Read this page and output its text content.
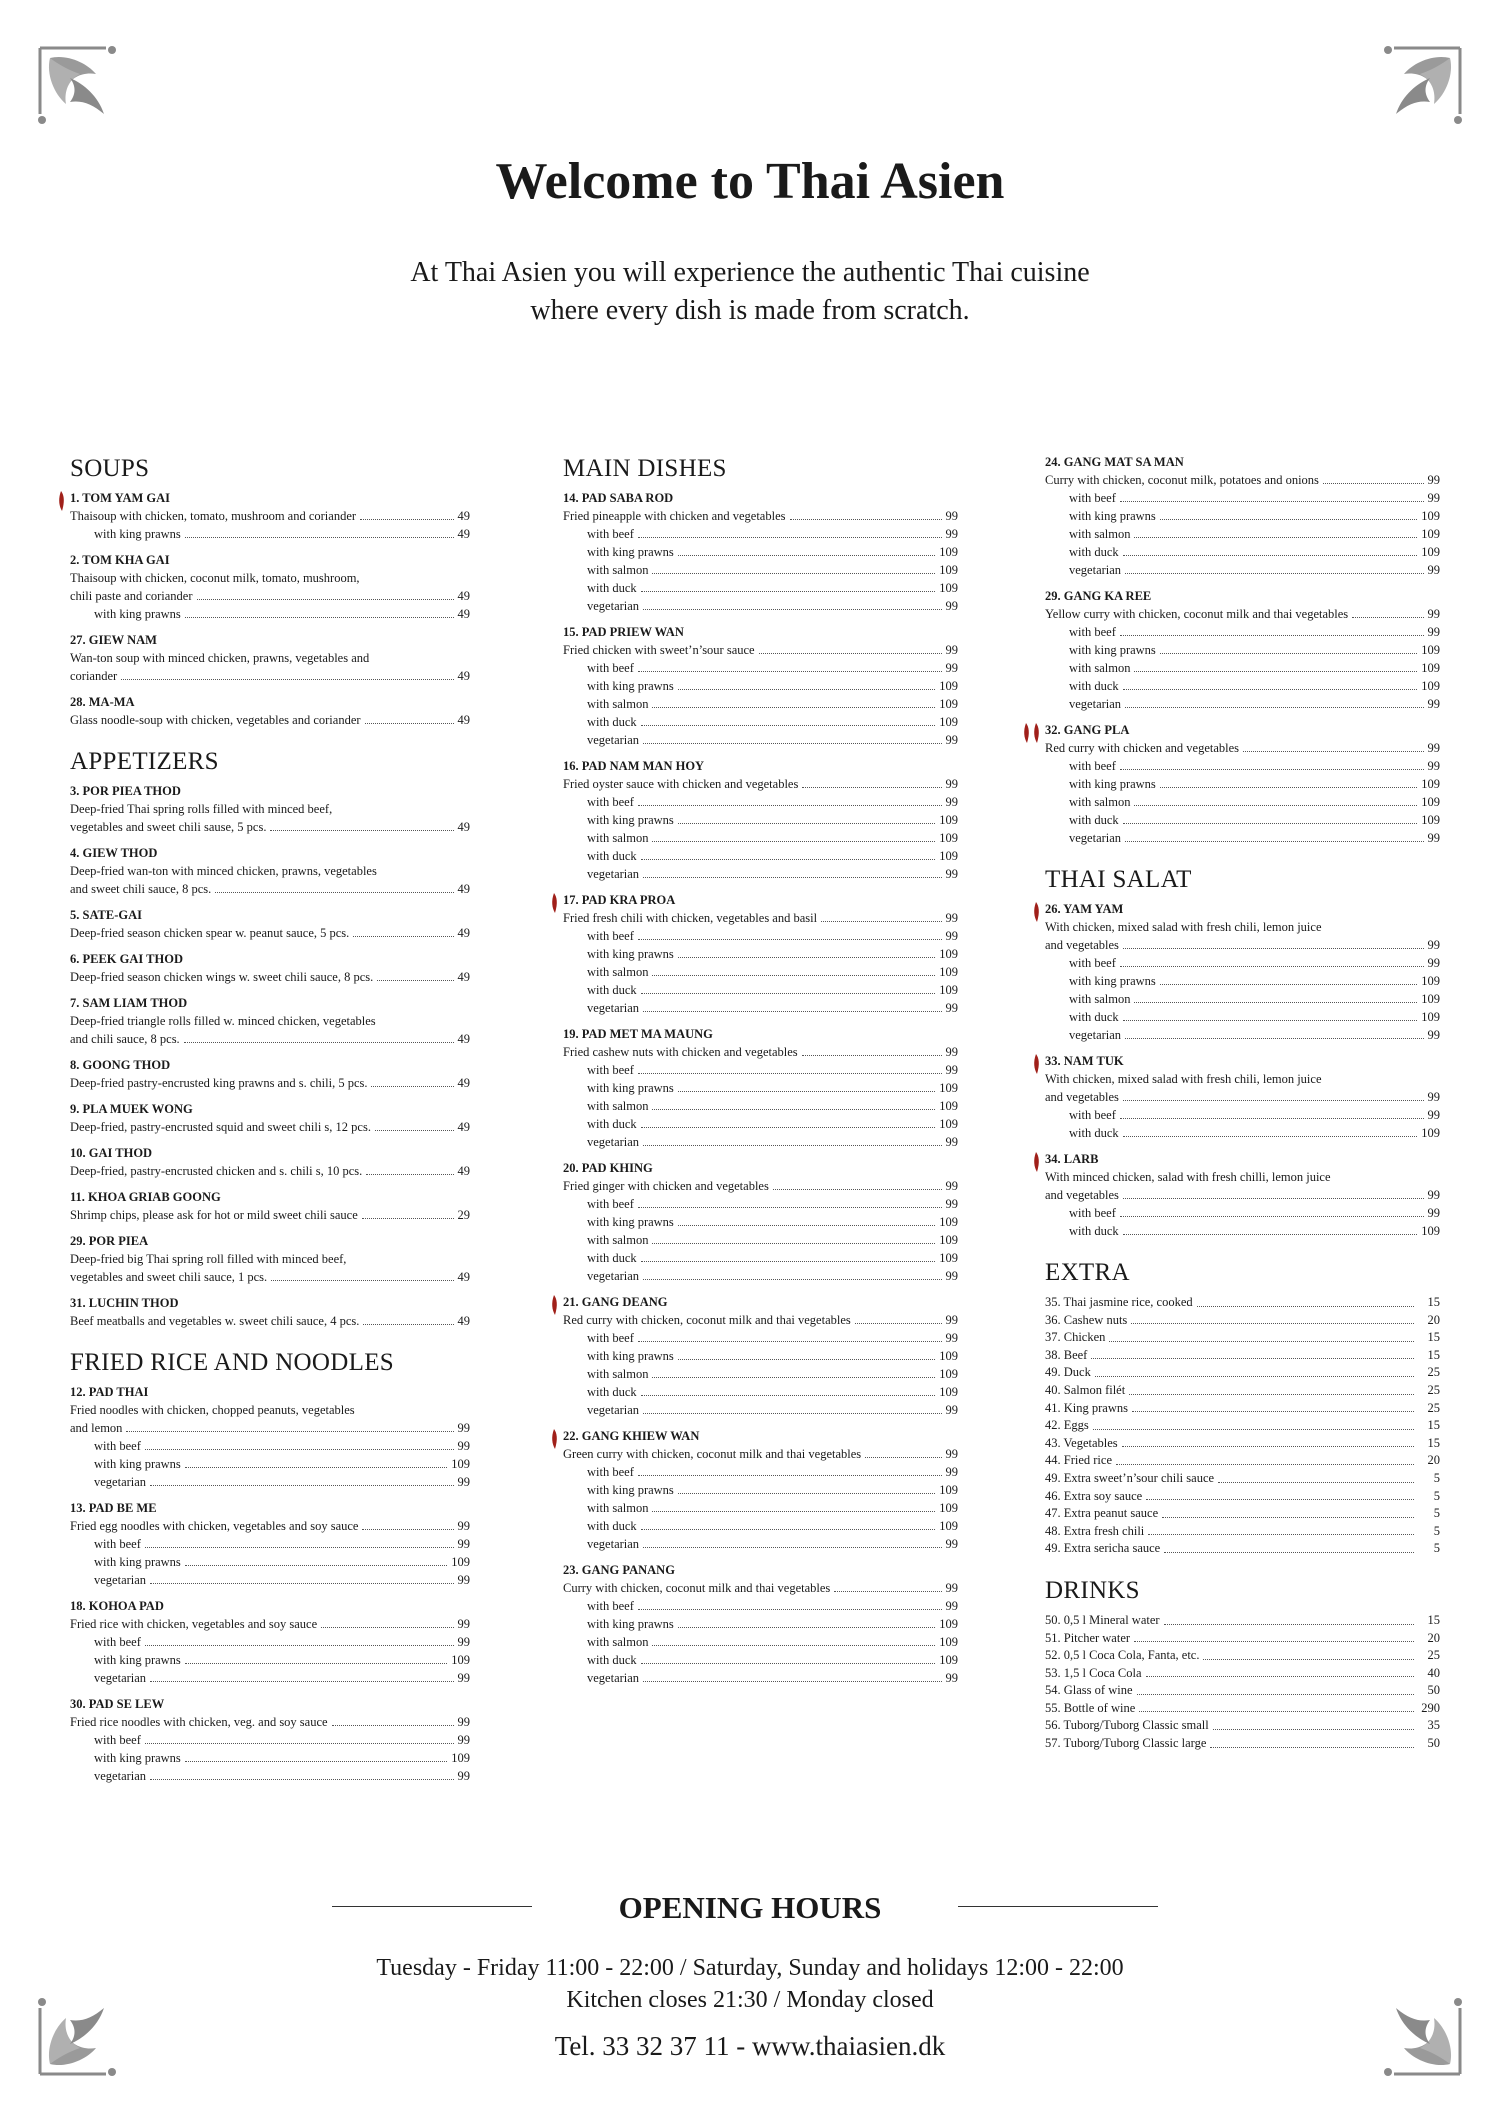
Welcome to Thai Asien
At Thai Asien you will experience the authentic Thai cuisine
where every dish is made from scratch.
SOUPS
1. TOM YAM GAI
Thaisoup with chicken, tomato, mushroom and coriander	49
with king prawns	49
2. TOM KHA GAI
Thaisoup with chicken, coconut milk, tomato, mushroom,
chili paste and coriander	49
with king prawns	49
27. GIEW NAM
Wan-ton soup with minced chicken, prawns, vegetables and
coriander	49
28. MA-MA
Glass noodle-soup with chicken, vegetables and coriander	49
APPETIZERS
3. POR PIEA THOD
Deep-fried Thai spring rolls filled with minced beef,
vegetables and sweet chili sause, 5 pcs.	49
4. GIEW THOD
Deep-fried wan-ton with minced chicken, prawns, vegetables
and sweet chili sauce, 8 pcs.	49
5. SATE-GAI
Deep-fried season chicken spear w. peanut sauce, 5 pcs.	49
6. PEEK GAI THOD
Deep-fried season chicken wings w. sweet chili sauce, 8 pcs.	49
7. SAM LIAM THOD
Deep-fried triangle rolls filled w. minced chicken, vegetables
and chili sauce, 8 pcs.	49
8. GOONG THOD
Deep-fried pastry-encrusted king prawns and s. chili, 5 pcs.	49
9. PLA MUEK WONG
Deep-fried, pastry-encrusted squid and sweet chili s, 12 pcs.	49
10. GAI THOD
Deep-fried, pastry-encrusted chicken and s. chili s, 10 pcs.	49
11. KHOA GRIAB GOONG
Shrimp chips, please ask for hot or mild sweet chili sauce	29
29. POR PIEA
Deep-fried big Thai spring roll filled with minced beef,
vegetables and sweet chili sauce, 1 pcs.	49
31. LUCHIN THOD
Beef meatballs and vegetables w. sweet chili sauce, 4 pcs.	49
FRIED RICE AND NOODLES
12. PAD THAI
Fried noodles with chicken, chopped peanuts, vegetables
and lemon	99
with beef	99
with king prawns	109
vegetarian	99
13. PAD BE ME
Fried egg noodles with chicken, vegetables and soy sauce	99
with beef	99
with king prawns	109
vegetarian	99
18. KOHOA PAD
Fried rice with chicken, vegetables and soy sauce	99
with beef	99
with king prawns	109
vegetarian	99
30. PAD SE LEW
Fried rice noodles with chicken, veg. and soy sauce	99
with beef	99
with king prawns	109
vegetarian	99
MAIN DISHES
14. PAD SABA ROD
Fried pineapple with chicken and vegetables	99
with beef	99
with king prawns	109
with salmon	109
with duck	109
vegetarian	99
15. PAD PRIEW WAN
Fried chicken with sweet’n’sour sauce	99
with beef	99
with king prawns	109
with salmon	109
with duck	109
vegetarian	99
16. PAD NAM MAN HOY
Fried oyster sauce with chicken and vegetables	99
with beef	99
with king prawns	109
with salmon	109
with duck	109
vegetarian	99
17. PAD KRA PROA
Fried fresh chili with chicken, vegetables and basil	99
with beef	99
with king prawns	109
with salmon	109
with duck	109
vegetarian	99
19. PAD MET MA MAUNG
Fried cashew nuts with chicken and vegetables	99
with beef	99
with king prawns	109
with salmon	109
with duck	109
vegetarian	99
20. PAD KHING
Fried ginger with chicken and vegetables	99
with beef	99
with king prawns	109
with salmon	109
with duck	109
vegetarian	99
21. GANG DEANG
Red curry with chicken, coconut milk and thai vegetables	99
with beef	99
with king prawns	109
with salmon	109
with duck	109
vegetarian	99
22. GANG KHIEW WAN
Green curry with chicken, coconut milk and thai vegetables	99
with beef	99
with king prawns	109
with salmon	109
with duck	109
vegetarian	99
23. GANG PANANG
Curry with chicken, coconut milk and thai vegetables	99
with beef	99
with king prawns	109
with salmon	109
with duck	109
vegetarian	99
24. GANG MAT SA MAN
Curry with chicken, coconut milk, potatoes and onions	99
with beef	99
with king prawns	109
with salmon	109
with duck	109
vegetarian	99
29. GANG KA REE
Yellow curry with chicken, coconut milk and thai vegetables	99
with beef	99
with king prawns	109
with salmon	109
with duck	109
vegetarian	99
32. GANG PLA
Red curry with chicken and vegetables	99
with beef	99
with king prawns	109
with salmon	109
with duck	109
vegetarian	99
THAI SALAT
26. YAM YAM
With chicken, mixed salad with fresh chili, lemon juice
and vegetables	99
with beef	99
with king prawns	109
with salmon	109
with duck	109
vegetarian	99
33. NAM TUK
With chicken, mixed salad with fresh chili, lemon juice
and vegetables	99
with beef	99
with duck	109
34. LARB
With minced chicken, salad with fresh chilli, lemon juice
and vegetables	99
with beef	99
with duck	109
EXTRA
35. Thai jasmine rice, cooked	15
36. Cashew nuts	20
37. Chicken	15
38. Beef	15
49. Duck	25
40. Salmon filét	25
41. King prawns	25
42. Eggs	15
43. Vegetables	15
44. Fried rice	20
49. Extra sweet’n’sour chili sauce	5
46. Extra soy sauce	5
47. Extra peanut sauce	5
48. Extra fresh chili	5
49. Extra sericha sauce	5
DRINKS
50. 0,5 l Mineral water	15
51. Pitcher water	20
52. 0,5 l Coca Cola, Fanta, etc.	25
53. 1,5 l Coca Cola	40
54. Glass of wine	50
55. Bottle of wine	290
56. Tuborg/Tuborg Classic small	35
57. Tuborg/Tuborg Classic large	50
OPENING HOURS
Tuesday - Friday 11:00 - 22:00 / Saturday, Sunday and holidays 12:00 - 22:00
Kitchen closes 21:30 / Monday closed
Tel. 33 32 37 11 - www.thaiasien.dk
